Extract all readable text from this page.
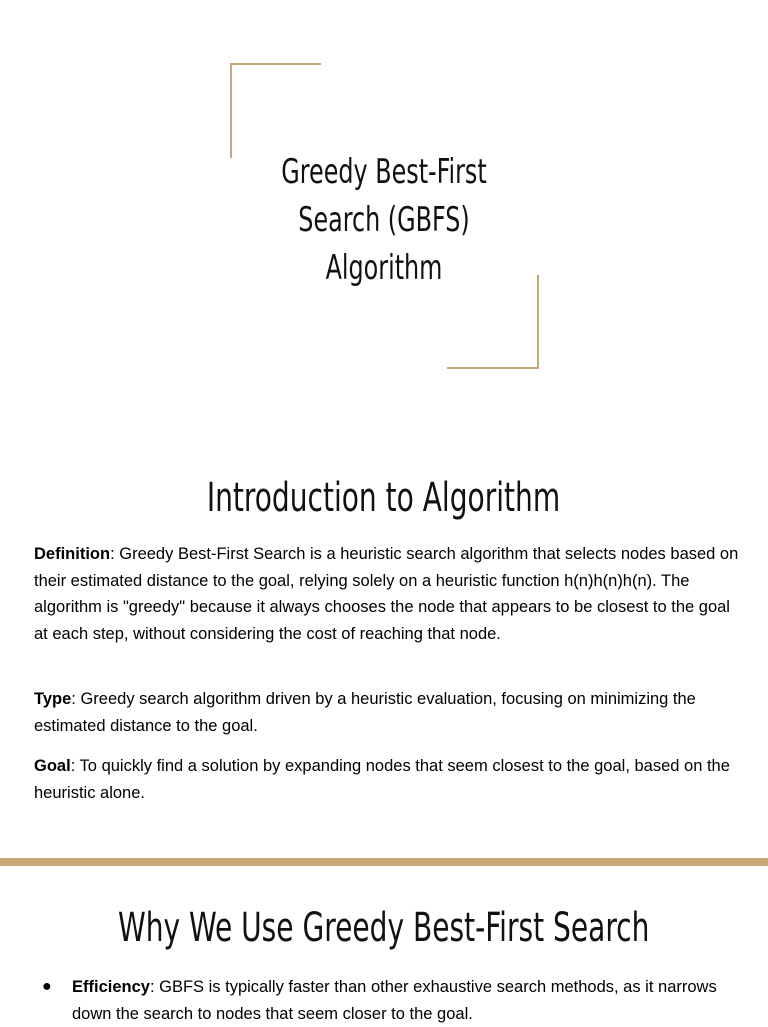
Greedy Best-First
Search (GBFS)
Algorithm
Introduction to Algorithm

Definition: Greedy Best-First Search is a heuristic search algorithm that selects nodes based on their estimated distance to the goal, relying solely on a heuristic function h(n)h(n)h(n). The algorithm is "greedy" because it always chooses the node that appears to be closest to the goal at each step, without considering the cost of reaching that node.

Type: Greedy search algorithm driven by a heuristic evaluation, focusing on minimizing the estimated distance to the goal.

Goal: To quickly find a solution by expanding nodes that seem closest to the goal, based on the heuristic alone.

Why We Use Greedy Best-First Search
● Efficiency: GBFS is typically faster than other exhaustive search methods, as it narrows down the search to nodes that seem closer to the goal.
